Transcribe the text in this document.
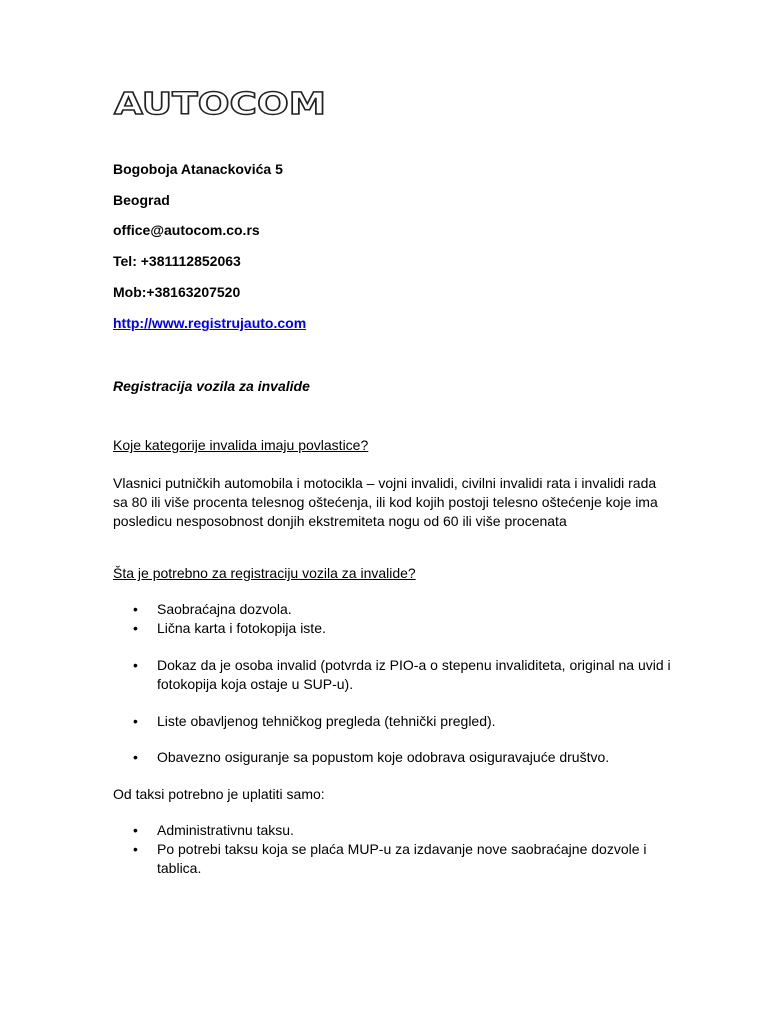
AUTOCOM

Bogoboja Atanackovića 5

Beograd

office@autocom.co.rs

Tel: +381112852063

Mob:+38163207520

http://www.registrujauto.com

Registracija vozila za invalide

Koje kategorije invalida imaju povlastice?

Vlasnici putničkih automobila i motocikla – vojni invalidi, civilni invalidi rata i invalidi rada sa 80 ili više procenta telesnog oštećenja, ili kod kojih postoji telesno oštećenje koje ima posledicu nesposobnost donjih ekstremiteta nogu od 60 ili više procenata

Šta je potrebno za registraciju vozila za invalide?

• Saobraćajna dozvola.
• Lična karta i fotokopija iste.
• Dokaz da je osoba invalid (potvrda iz PIO-a o stepenu invaliditeta, original na uvid i fotokopija koja ostaje u SUP-u).
• Liste obavljenog tehničkog pregleda (tehnički pregled).
• Obavezno osiguranje sa popustom koje odobrava osiguravajuće društvo.

Od taksi potrebno je uplatiti samo:

• Administrativnu taksu.
• Po potrebi taksu koja se plaća MUP-u za izdavanje nove saobraćajne dozvole i tablica.
